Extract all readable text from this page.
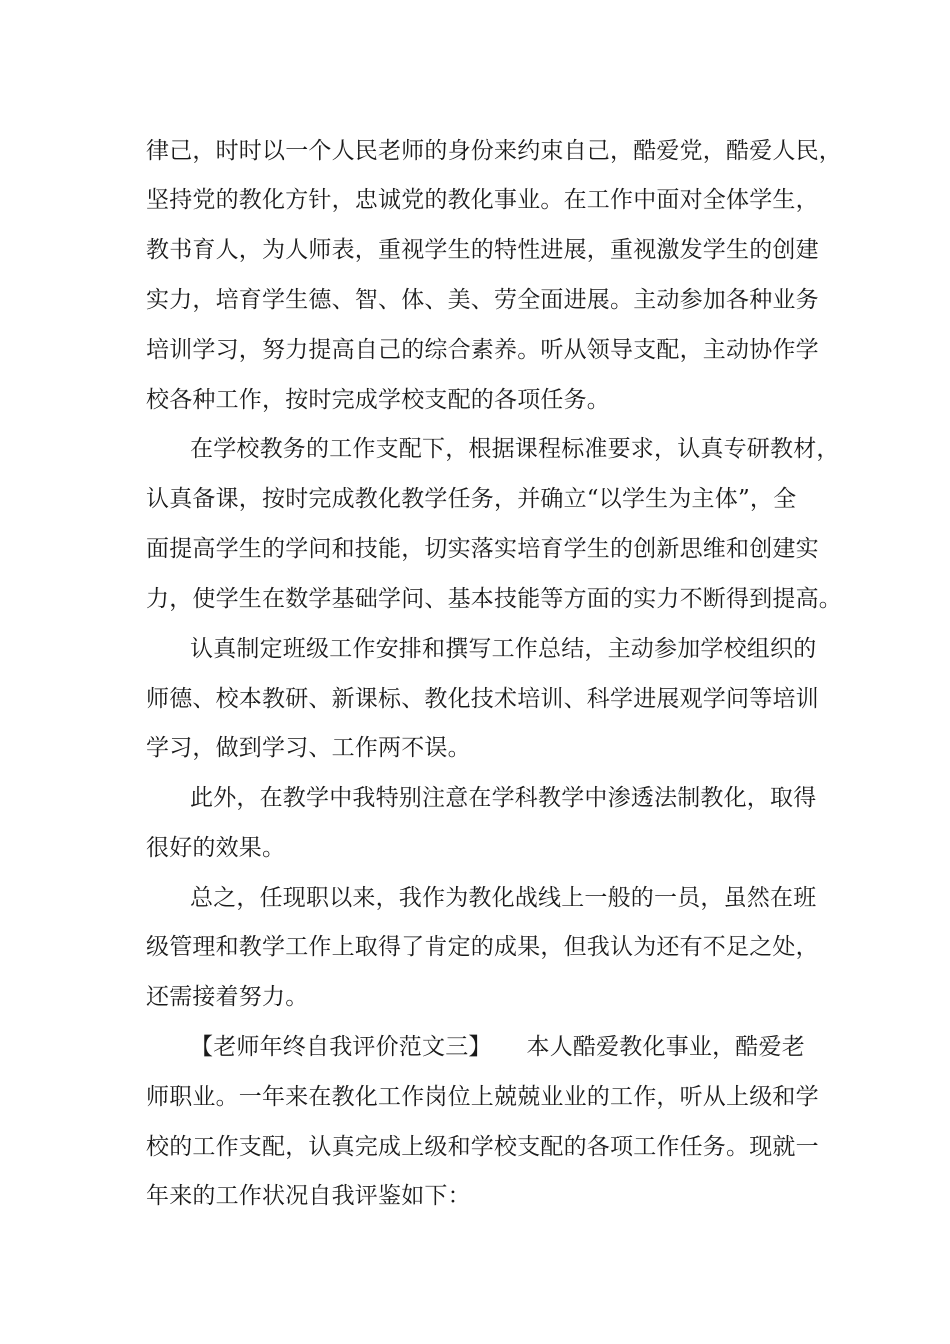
律己，时时以一个人民老师的身份来约束自己，酷爱党，酷爱人民，
坚持党的教化方针，忠诚党的教化事业。在工作中面对全体学生，
教书育人，为人师表，重视学生的特性进展，重视激发学生的创建
实力，培育学生德、智、体、美、劳全面进展。主动参加各种业务
培训学习，努力提高自己的综合素养。听从领导支配，主动协作学
校各种工作，按时完成学校支配的各项任务。
在学校教务的工作支配下，根据课程标准要求，认真专研教材，
认真备课，按时完成教化教学任务，并确立“以学生为主体”，全
面提高学生的学问和技能，切实落实培育学生的创新思维和创建实
力，使学生在数学基础学问、基本技能等方面的实力不断得到提高。
认真制定班级工作安排和撰写工作总结，主动参加学校组织的
师德、校本教研、新课标、教化技术培训、科学进展观学问等培训
学习，做到学习、工作两不误。
此外，在教学中我特别注意在学科教学中渗透法制教化，取得
很好的效果。
总之，任现职以来，我作为教化战线上一般的一员，虽然在班
级管理和教学工作上取得了肯定的成果，但我认为还有不足之处，
还需接着努力。
【老师年终自我评价范文三】　　本人酷爱教化事业，酷爱老
师职业。一年来在教化工作岗位上兢兢业业的工作，听从上级和学
校的工作支配，认真完成上级和学校支配的各项工作任务。现就一
年来的工作状况自我评鉴如下：
